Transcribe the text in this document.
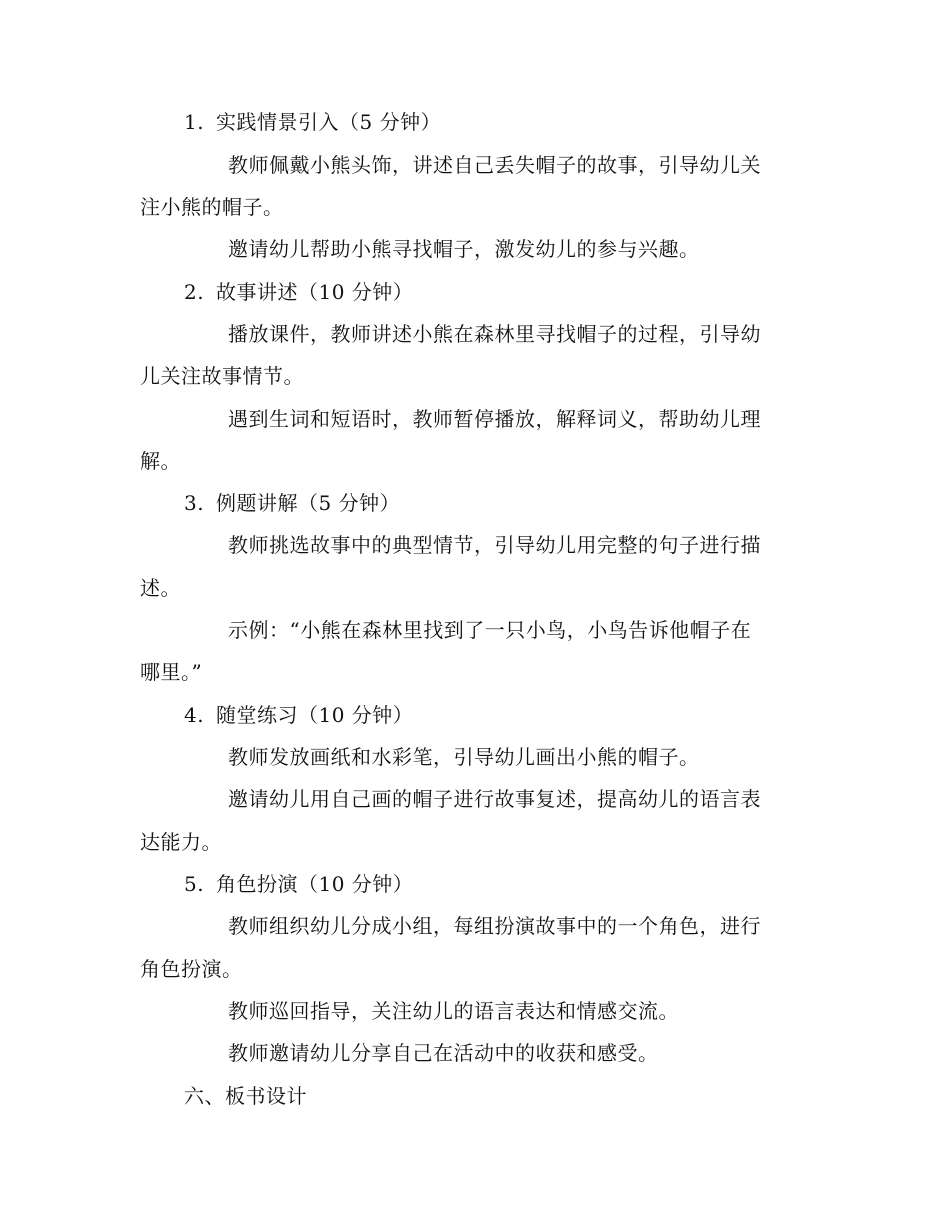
1. 实践情景引入（5 分钟）
教师佩戴小熊头饰，讲述自己丢失帽子的故事，引导幼儿关
注小熊的帽子。
邀请幼儿帮助小熊寻找帽子，激发幼儿的参与兴趣。
2. 故事讲述（10 分钟）
播放课件，教师讲述小熊在森林里寻找帽子的过程，引导幼
儿关注故事情节。
遇到生词和短语时，教师暂停播放，解释词义，帮助幼儿理
解。
3. 例题讲解（5 分钟）
教师挑选故事中的典型情节，引导幼儿用完整的句子进行描
述。
示例：“小熊在森林里找到了一只小鸟，小鸟告诉他帽子在
哪里。”
4. 随堂练习（10 分钟）
教师发放画纸和水彩笔，引导幼儿画出小熊的帽子。
邀请幼儿用自己画的帽子进行故事复述，提高幼儿的语言表
达能力。
5. 角色扮演（10 分钟）
教师组织幼儿分成小组，每组扮演故事中的一个角色，进行
角色扮演。
教师巡回指导，关注幼儿的语言表达和情感交流。
教师邀请幼儿分享自己在活动中的收获和感受。
六、板书设计
